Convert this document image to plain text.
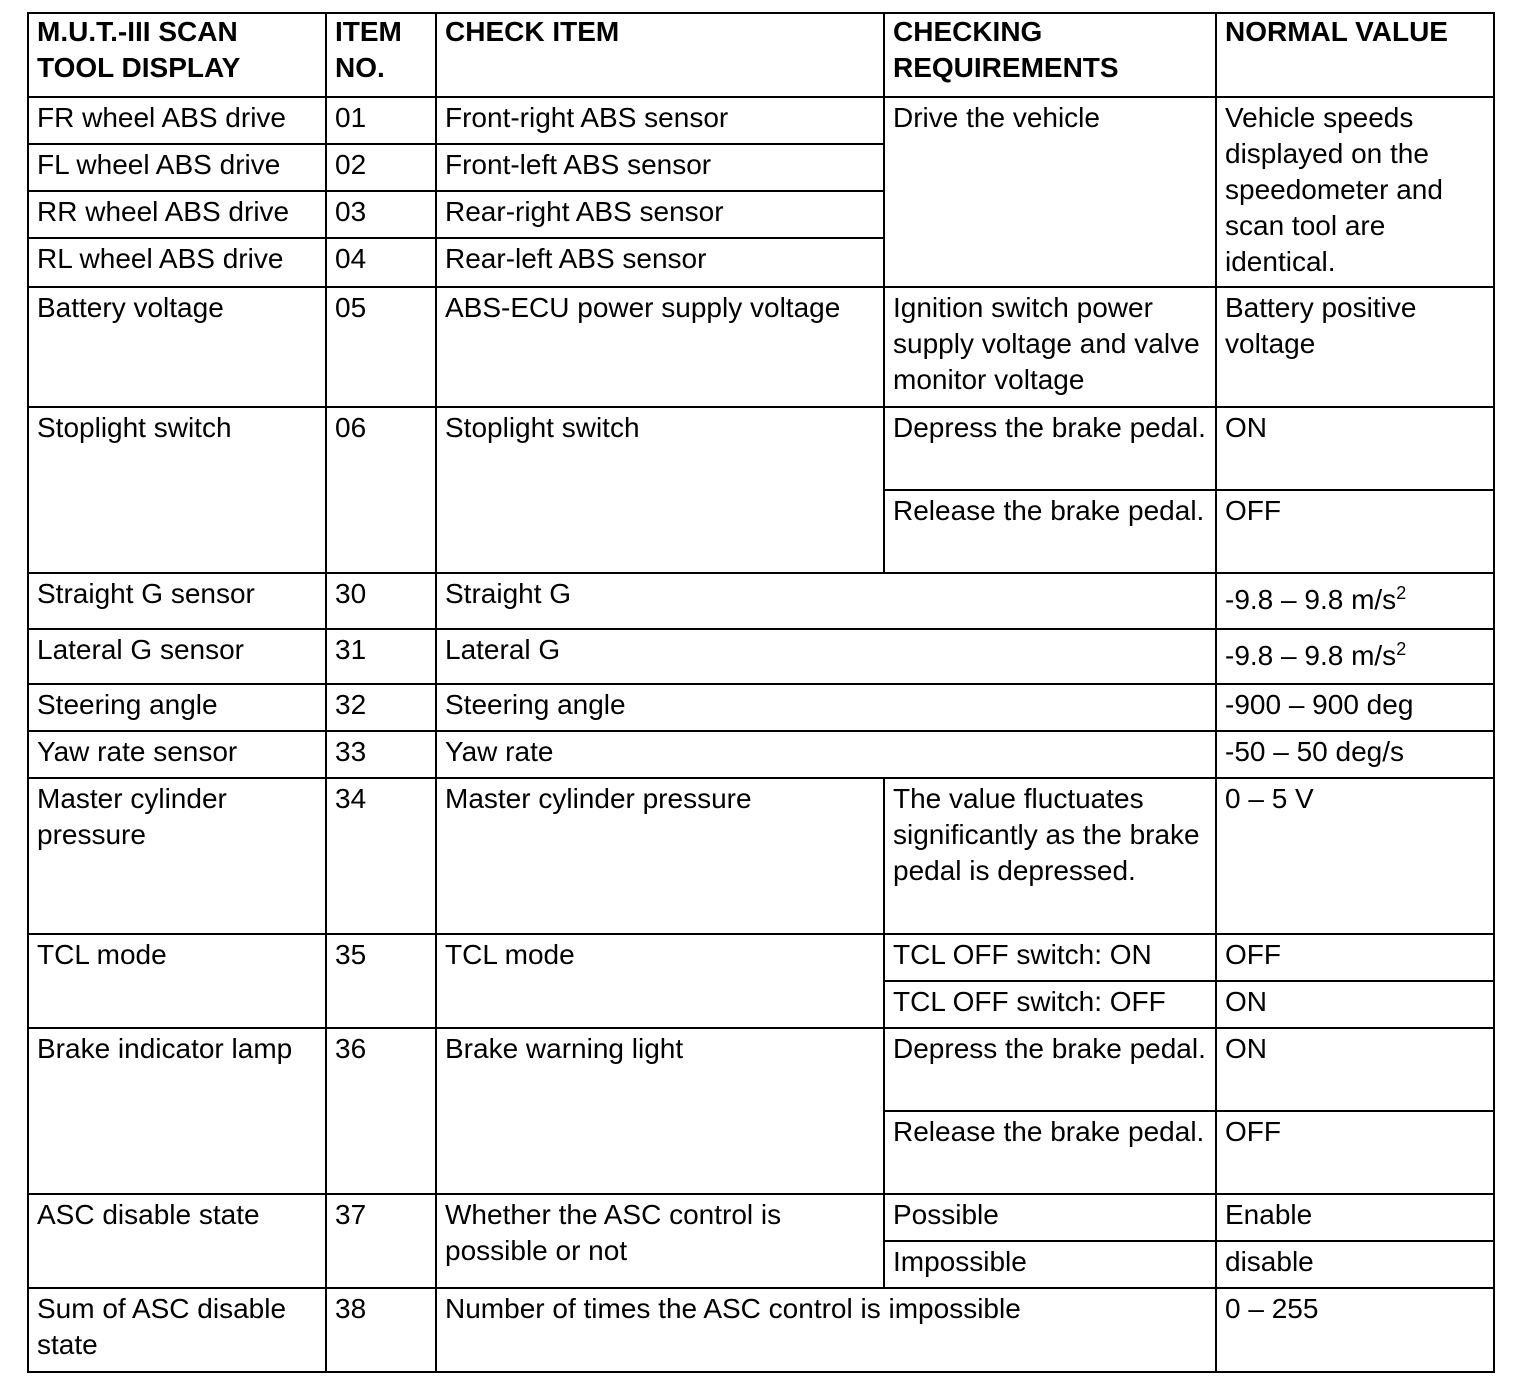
M.U.T.-III SCAN TOOL DISPLAY	ITEM NO.	CHECK ITEM	CHECKING REQUIREMENTS	NORMAL VALUE
FR wheel ABS drive	01	Front-right ABS sensor	Drive the vehicle	Vehicle speeds displayed on the speedometer and scan tool are identical.
FL wheel ABS drive	02	Front-left ABS sensor		
RR wheel ABS drive	03	Rear-right ABS sensor		
RL wheel ABS drive	04	Rear-left ABS sensor		
Battery voltage	05	ABS-ECU power supply voltage	Ignition switch power supply voltage and valve monitor voltage	Battery positive voltage
Stoplight switch	06	Stoplight switch	Depress the brake pedal.	ON
			Release the brake pedal.	OFF
Straight G sensor	30	Straight G		-9.8 – 9.8 $m/s^2$
Lateral G sensor	31	Lateral G		-9.8 – 9.8 $m/s^2$
Steering angle	32	Steering angle		-900 – 900 deg
Yaw rate sensor	33	Yaw rate		-50 – 50 deg/s
Master cylinder pressure	34	Master cylinder pressure	The value fluctuates significantly as the brake pedal is depressed.	0 – 5 V
TCL mode	35	TCL mode	TCL OFF switch: ON	OFF
			TCL OFF switch: OFF	ON
Brake indicator lamp	36	Brake warning light	Depress the brake pedal.	ON
			Release the brake pedal.	OFF
ASC disable state	37	Whether the ASC control is possible or not	Possible	Enable
			Impossible	disable
Sum of ASC disable state	38	Number of times the ASC control is impossible		0 – 255
